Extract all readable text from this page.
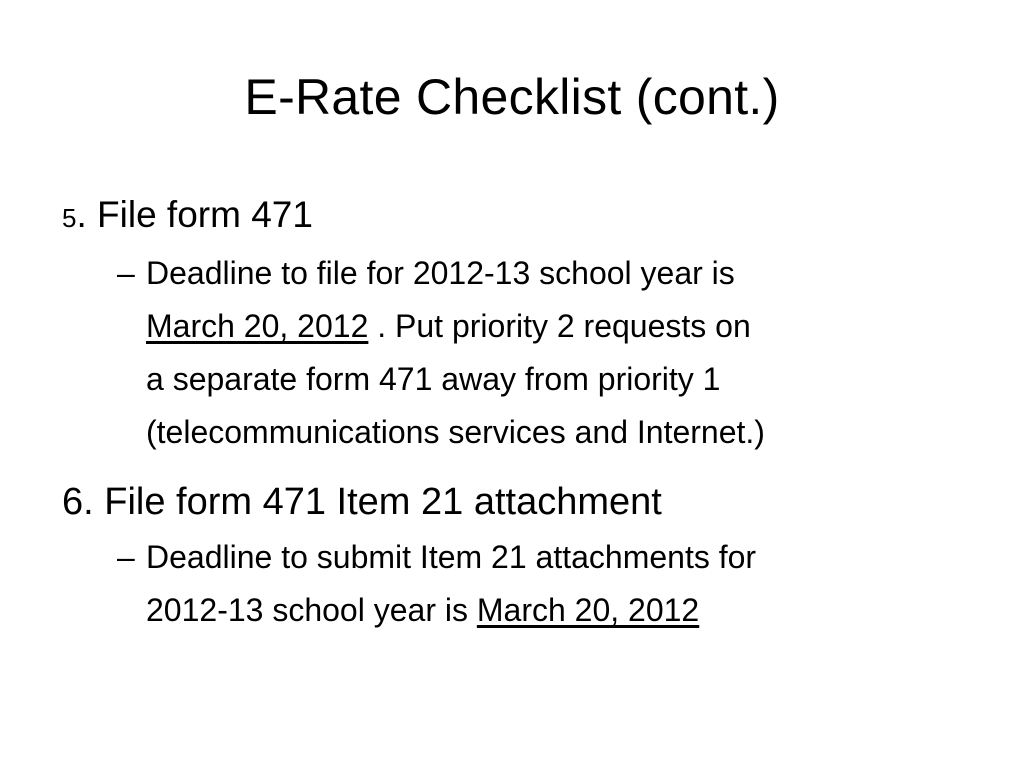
E-Rate Checklist (cont.)
5. File form 471
– Deadline to file for 2012-13 school year is
March 20, 2012 . Put priority 2 requests on
a separate form 471 away from priority 1
(telecommunications services and Internet.)
6. File form 471 Item 21 attachment
– Deadline to submit Item 21 attachments for
2012-13 school year is March 20, 2012
